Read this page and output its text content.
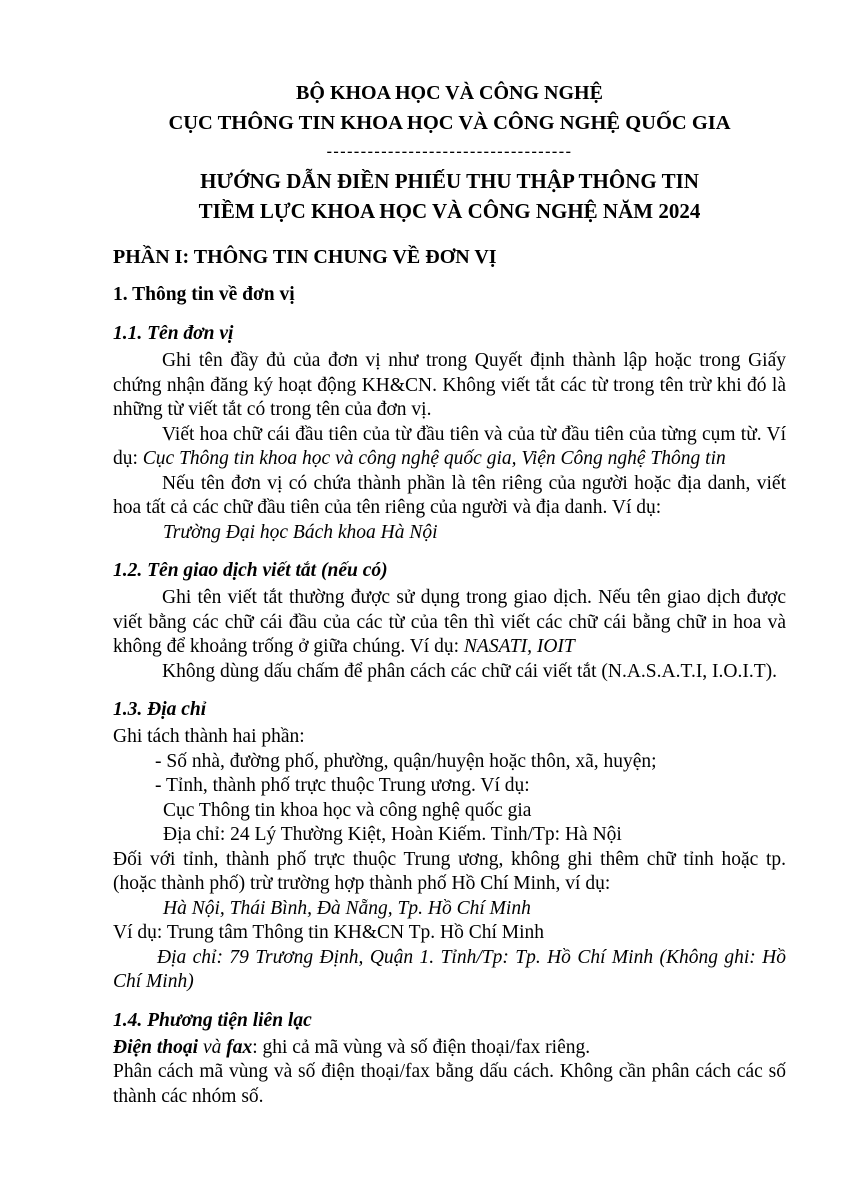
BỘ KHOA HỌC VÀ CÔNG NGHỆ
CỤC THÔNG TIN KHOA HỌC VÀ CÔNG NGHỆ QUỐC GIA
------------------------------------
HƯỚNG DẪN ĐIỀN PHIẾU THU THẬP THÔNG TIN
TIỀM LỰC KHOA HỌC VÀ CÔNG NGHỆ NĂM 2024
PHẦN I: THÔNG TIN CHUNG VỀ ĐƠN VỊ
1. Thông tin về đơn vị
1.1. Tên đơn vị

Ghi tên đầy đủ của đơn vị như trong Quyết định thành lập hoặc trong Giấy chứng nhận đăng ký hoạt động KH&CN. Không viết tắt các từ trong tên trừ khi đó là những từ viết tắt có trong tên của đơn vị.

Viết hoa chữ cái đầu tiên của từ đầu tiên và của từ đầu tiên của từng cụm từ. Ví dụ: Cục Thông tin khoa học và công nghệ quốc gia, Viện Công nghệ Thông tin

Nếu tên đơn vị có chứa thành phần là tên riêng của người hoặc địa danh, viết hoa tất cả các chữ đầu tiên của tên riêng của người và địa danh. Ví dụ:

Trường Đại học Bách khoa Hà Nội

1.2. Tên giao dịch viết tắt (nếu có)

Ghi tên viết tắt thường được sử dụng trong giao dịch. Nếu tên giao dịch được viết bằng các chữ cái đầu của các từ của tên thì viết các chữ cái bằng chữ in hoa và không để khoảng trống ở giữa chúng. Ví dụ: NASATI, IOIT

Không dùng dấu chấm để phân cách các chữ cái viết tắt (N.A.S.A.T.I, I.O.I.T).

1.3. Địa chỉ

Ghi tách thành hai phần:

- Số nhà, đường phố, phường, quận/huyện hoặc thôn, xã, huyện;

- Tỉnh, thành phố trực thuộc Trung ương. Ví dụ:

Cục Thông tin khoa học và công nghệ quốc gia

Địa chỉ: 24 Lý Thường Kiệt, Hoàn Kiếm. Tỉnh/Tp: Hà Nội

Đối với tỉnh, thành phố trực thuộc Trung ương, không ghi thêm chữ tỉnh hoặc tp. (hoặc thành phố) trừ trường hợp thành phố Hồ Chí Minh, ví dụ:

Hà Nội, Thái Bình, Đà Nẵng, Tp. Hồ Chí Minh

Ví dụ: Trung tâm Thông tin KH&CN Tp. Hồ Chí Minh

Địa chỉ: 79 Trương Định, Quận 1. Tỉnh/Tp: Tp. Hồ Chí Minh (Không ghi: Hồ Chí Minh)

1.4. Phương tiện liên lạc

Điện thoại và fax: ghi cả mã vùng và số điện thoại/fax riêng.

Phân cách mã vùng và số điện thoại/fax bằng dấu cách. Không cần phân cách các số thành các nhóm số.
